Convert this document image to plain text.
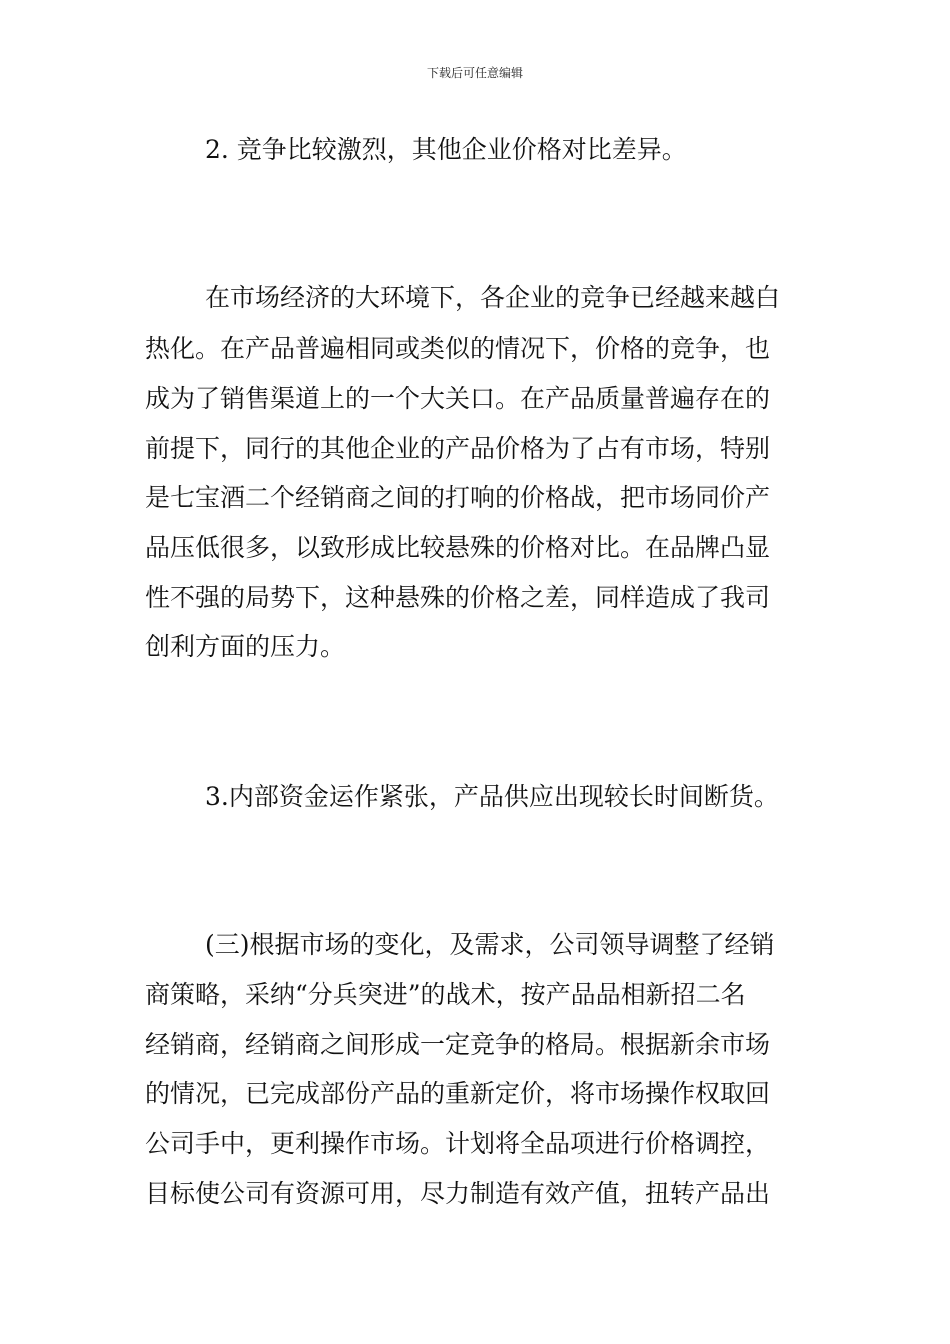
下载后可任意编辑
2. 竞争比较激烈，其他企业价格对比差异。
在市场经济的大环境下，各企业的竞争已经越来越白
热化。在产品普遍相同或类似的情况下，价格的竞争，也
成为了销售渠道上的一个大关口。在产品质量普遍存在的
前提下，同行的其他企业的产品价格为了占有市场，特别
是七宝酒二个经销商之间的打响的价格战，把市场同价产
品压低很多，以致形成比较悬殊的价格对比。在品牌凸显
性不强的局势下，这种悬殊的价格之差，同样造成了我司
创利方面的压力。
3.内部资金运作紧张，产品供应出现较长时间断货。
(三)根据市场的变化，及需求，公司领导调整了经销
商策略，采纳“分兵突进”的战术，按产品品相新招二名
经销商，经销商之间形成一定竞争的格局。根据新余市场
的情况，已完成部份产品的重新定价，将市场操作权取回
公司手中，更利操作市场。计划将全品项进行价格调控，
目标使公司有资源可用，尽力制造有效产值，扭转产品出
